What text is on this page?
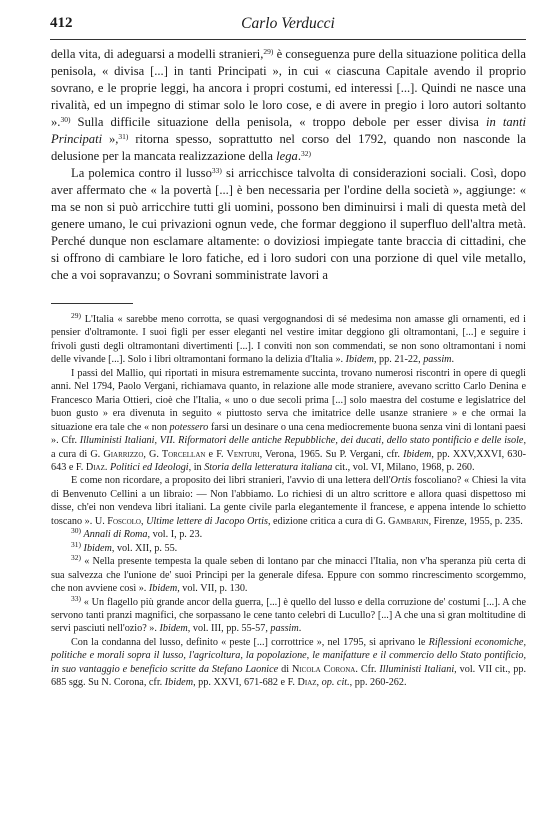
412	Carlo Verducci

della vita, di adeguarsi a modelli stranieri,$^{29)}$ è conseguenza pure della situazione politica della penisola, « divisa [...] in tanti Principati », in cui « ciascuna Capitale avendo il proprio sovrano, e le proprie leggi, ha ancora i propri costumi, ed interessi [...]. Quindi ne nasce una rivalità, ed un impegno di stimar solo le loro cose, e di avere in pregio i loro autori soltanto ».$^{30)}$ Sulla difficile situazione della penisola, « troppo debole per esser divisa in tanti Principati »,$^{31)}$ ritorna spesso, soprattutto nel corso del 1792, quando non nasconde la delusione per la mancata realizzazione della lega.$^{32)}$

La polemica contro il lusso$^{33)}$ si arricchisce talvolta di considerazioni sociali. Così, dopo aver affermato che « la povertà [...] è ben necessaria per l'ordine della società », aggiunge: « ma se non si può arricchire tutti gli uomini, possono ben diminuirsi i mali di questa metà del genere umano, le cui privazioni ognun vede, che formar deggiono il superfluo dell'altra metà. Perché dunque non esclamare altamente: o doviziosi impiegate tante braccia di cittadini, che si offrono di cambiare le loro fatiche, ed i loro sudori con una porzione di quel vile metallo, che a voi sopravanzu; o Sovrani somministrate lavori a

$^{29)}$ L'Italia « sarebbe meno corrotta, se quasi vergognandosi di sé medesima non amasse gli ornamenti, ed i pensier d'oltramonte. I suoi figli per esser eleganti nel vestire imitar deggiono gli oltramontani, [...] e seguire i frivoli gusti degli oltramontani divertimenti [...]. I conviti non son commendati, se non sono oltramontani i nomi delle vivande [...]. Solo i libri oltramontani formano la delizia d'Italia ». Ibidem, pp. 21-22, passim.

I passi del Mallio, qui riportati in misura estremamente succinta, trovano numerosi riscontri in opere di quegli anni. Nel 1794, Paolo Vergani, richiamava quanto, in relazione alle mode straniere, avevano scritto Carlo Denina e Francesco Maria Ottieri, cioè che l'Italia, « uno o due secoli prima [...] solo maestra del costume e legislatrice del buon gusto » era divenuta in seguito « piuttosto serva che imitatrice delle usanze straniere » e che ormai la situazione era tale che « non potessero farsi un desinare o una cena mediocremente buona senza vini di lontani paesi ». Cfr. Illuministi Italiani, VII. Riformatori delle antiche Repubbliche, dei ducati, dello stato pontificio e delle isole, a cura di G. Giarrizzo, G. Torcellan e F. Venturi, Verona, 1965. Su P. Vergani, cfr. Ibidem, pp. XXV,XXVI, 630-643 e F. Diaz. Politici ed Ideologi, in Storia della letteratura italiana cit., vol. VI, Milano, 1968, p. 260.

E come non ricordare, a proposito dei libri stranieri, l'avvio di una lettera dell'Ortis foscoliano? « Chiesi la vita di Benvenuto Cellini a un libraio: — Non l'abbiamo. Lo richiesi di un altro scrittore e allora quasi dispettoso mi disse, ch'ei non vendeva libri italiani. La gente civile parla elegantemente il francese, e appena intende lo schietto toscano ». U. Foscolo, Ultime lettere di Jacopo Ortis, edizione critica a cura di G. Gambarin, Firenze, 1955, p. 235.

$^{30)}$ Annali di Roma, vol. I, p. 23.

$^{31)}$ Ibidem, vol. XII, p. 55.

$^{32)}$ « Nella presente tempesta la quale seben di lontano par che minacci l'Italia, non v'ha speranza più certa di sua salvezza che l'unione de' suoi Principi per la generale difesa. Eppure con sommo rincrescimento scorgemmo, che non avviene così ». Ibidem, vol. VII, p. 130.

$^{33)}$ « Un flagello più grande ancor della guerra, [...] è quello del lusso e della corruzione de' costumi [...]. A che servono tanti pranzi magnifici, che sorpassano le cene tanto celebri di Lucullo? [...] A che una sì gran moltitudine di servi pasciuti nell'ozio? ». Ibidem, vol. III, pp. 55-57, passim.

Con la condanna del lusso, definito « peste [...] corrottrice », nel 1795, si aprivano le Riflessioni economiche, politiche e morali sopra il lusso, l'agricoltura, la popolazione, le manifatture e il commercio dello Stato pontificio, in suo vantaggio e beneficio scritte da Stefano Laonice di Nicola Corona. Cfr. Illuministi Italiani, vol. VII cit., pp. 685 sgg. Su N. Corona, cfr. Ibidem, pp. XXVI, 671-682 e F. Diaz, op. cit., pp. 260-262.
